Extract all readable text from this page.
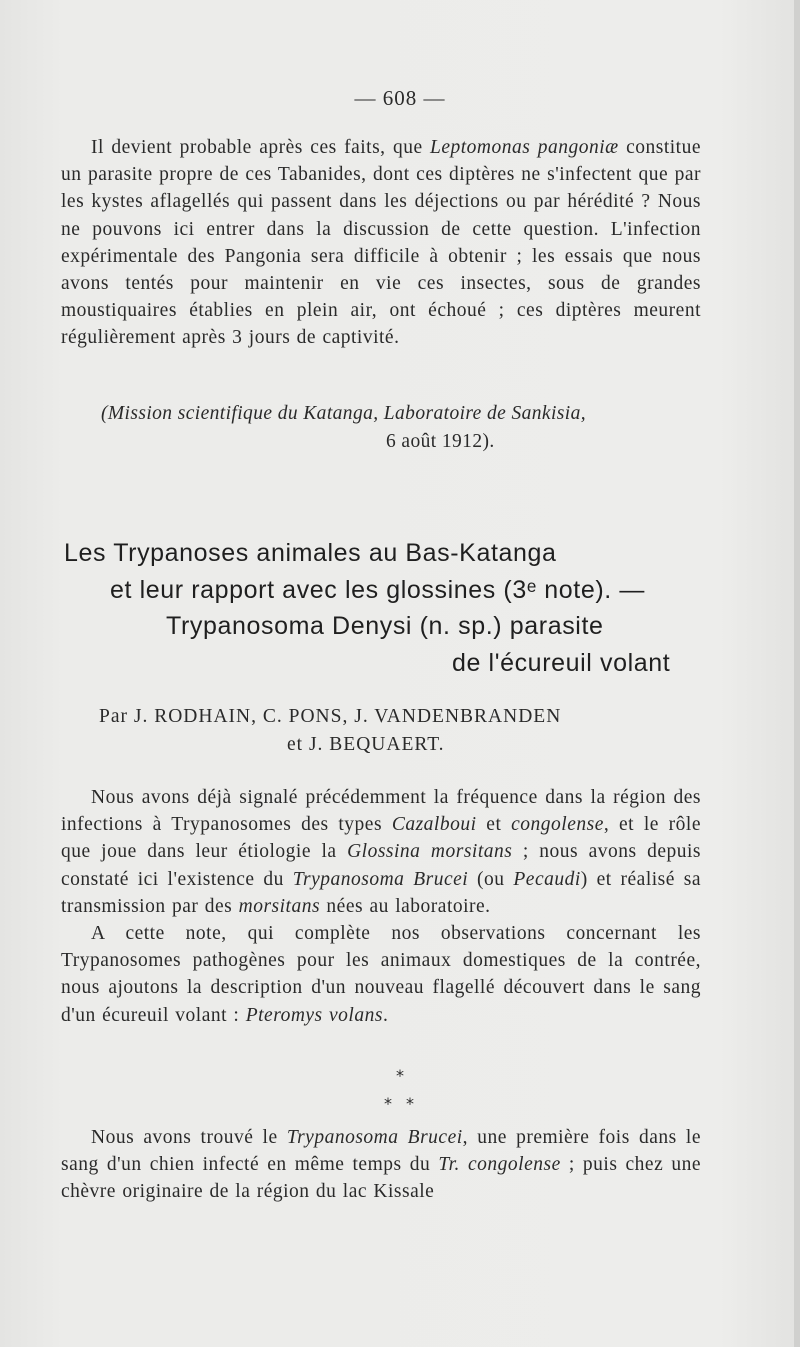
— 608 —

Il devient probable après ces faits, que Leptomonas pangoniæ constitue un parasite propre de ces Tabanides, dont ces diptères ne s'infectent que par les kystes aflagellés qui passent dans les déjections ou par hérédité ? Nous ne pouvons ici entrer dans la discussion de cette question. L'infection expérimentale des Pangonia sera difficile à obtenir ; les essais que nous avons tentés pour maintenir en vie ces insectes, sous de grandes moustiquaires établies en plein air, ont échoué ; ces diptères meurent régulièrement après 3 jours de captivité.

(Mission scientifique du Katanga, Laboratoire de Sankisia,
6 août 1912).
Les Trypanoses animales au Bas-Katanga
et leur rapport avec les glossines (3ᵉ note). —
Trypanosoma Denysi (n. sp.) parasite
de l'écureuil volant
Par J. RODHAIN, C. PONS, J. VANDENBRANDEN
et J. BEQUAERT.

Nous avons déjà signalé précédemment la fréquence dans la région des infections à Trypanosomes des types Cazalboui et congolense, et le rôle que joue dans leur étiologie la Glossina morsitans ; nous avons depuis constaté ici l'existence du Trypanosoma Brucei (ou Pecaudi) et réalisé sa transmission par des morsitans nées au laboratoire.

A cette note, qui complète nos observations concernant les Trypanosomes pathogènes pour les animaux domestiques de la contrée, nous ajoutons la description d'un nouveau flagellé découvert dans le sang d'un écureuil volant : Pteromys volans.

*
**

Nous avons trouvé le Trypanosoma Brucei, une première fois dans le sang d'un chien infecté en même temps du Tr. congolense ; puis chez une chèvre originaire de la région du lac Kissale
